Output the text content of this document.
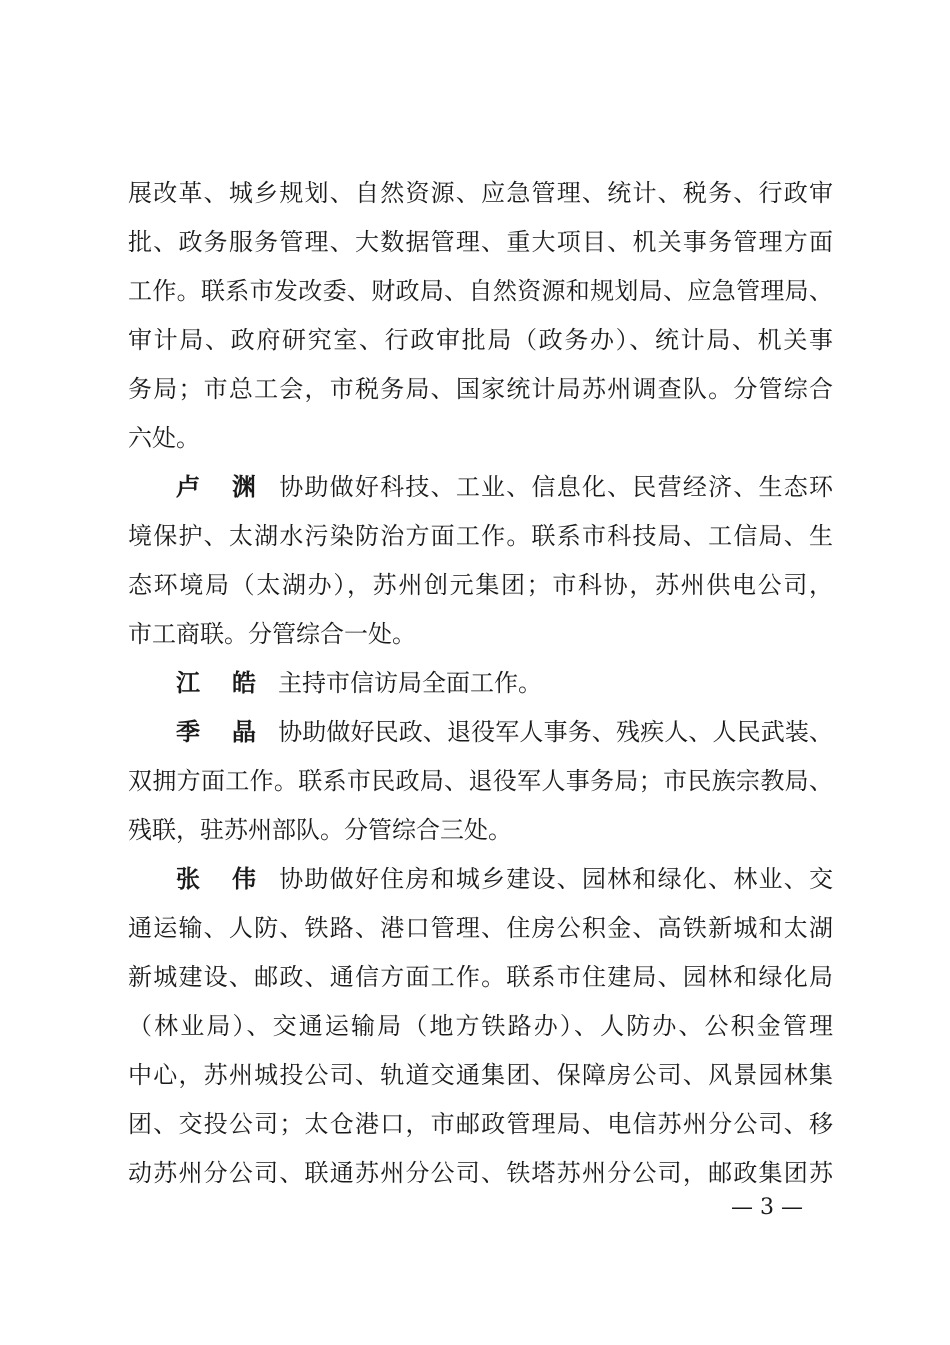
展改革、城乡规划、自然资源、应急管理、统计、税务、行政审
批、政务服务管理、大数据管理、重大项目、机关事务管理方面
工作。联系市发改委、财政局、自然资源和规划局、应急管理局、
审计局、政府研究室、行政审批局（政务办）、统计局、机关事
务局；市总工会，市税务局、国家统计局苏州调查队。分管综合
六处。
卢　渊 协助做好科技、工业、信息化、民营经济、生态环
境保护、太湖水污染防治方面工作。联系市科技局、工信局、生
态环境局（太湖办），苏州创元集团；市科协，苏州供电公司，
市工商联。分管综合一处。
江　皓 主持市信访局全面工作。
季　晶 协助做好民政、退役军人事务、残疾人、人民武装、
双拥方面工作。联系市民政局、退役军人事务局；市民族宗教局、
残联，驻苏州部队。分管综合三处。
张　伟 协助做好住房和城乡建设、园林和绿化、林业、交
通运输、人防、铁路、港口管理、住房公积金、高铁新城和太湖
新城建设、邮政、通信方面工作。联系市住建局、园林和绿化局
（林业局）、交通运输局（地方铁路办）、人防办、公积金管理
中心，苏州城投公司、轨道交通集团、保障房公司、风景园林集
团、交投公司；太仓港口，市邮政管理局、电信苏州分公司、移
动苏州分公司、联通苏州分公司、铁塔苏州分公司，邮政集团苏
— 3 —
